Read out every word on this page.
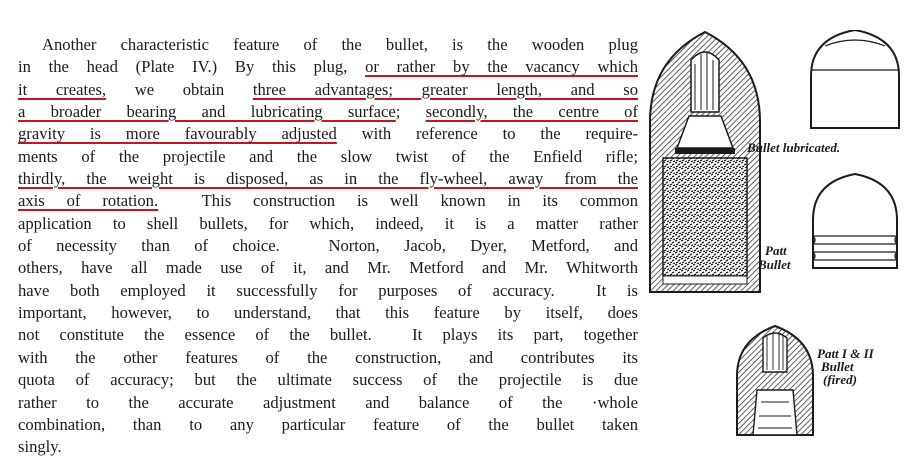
Another characteristic feature of the bullet, is the wooden plug
in the head (Plate IV.) By this plug, or rather by the vacancy which
it creates, we obtain three advantages; greater length, and so
a broader bearing and lubricating surface; secondly, the centre of
gravity is more favourably adjusted with reference to the require-
ments of the projectile and the slow twist of the Enfield rifle;
thirdly, the weight is disposed, as in the fly-wheel, away from the
axis of rotation.  This construction is well known in its common
application to shell bullets, for which, indeed, it is a matter rather
of necessity than of choice.  Norton, Jacob, Dyer, Metford, and
others, have all made use of it, and Mr. Metford and Mr. Whitworth
have both employed it successfully for purposes of accuracy.  It is
important, however, to understand, that this feature by itself, does
not constitute the essence of the bullet.  It plays its part, together
with the other features of the construction, and contributes its
quota of accuracy; but the ultimate success of the projectile is due
rather to the accurate adjustment and balance of the ·whole
combination, than to any particular feature of the bullet taken
singly.
Bullet lubricated.
Patt
Bullet
Patt I & II
Bullet
(fired)
